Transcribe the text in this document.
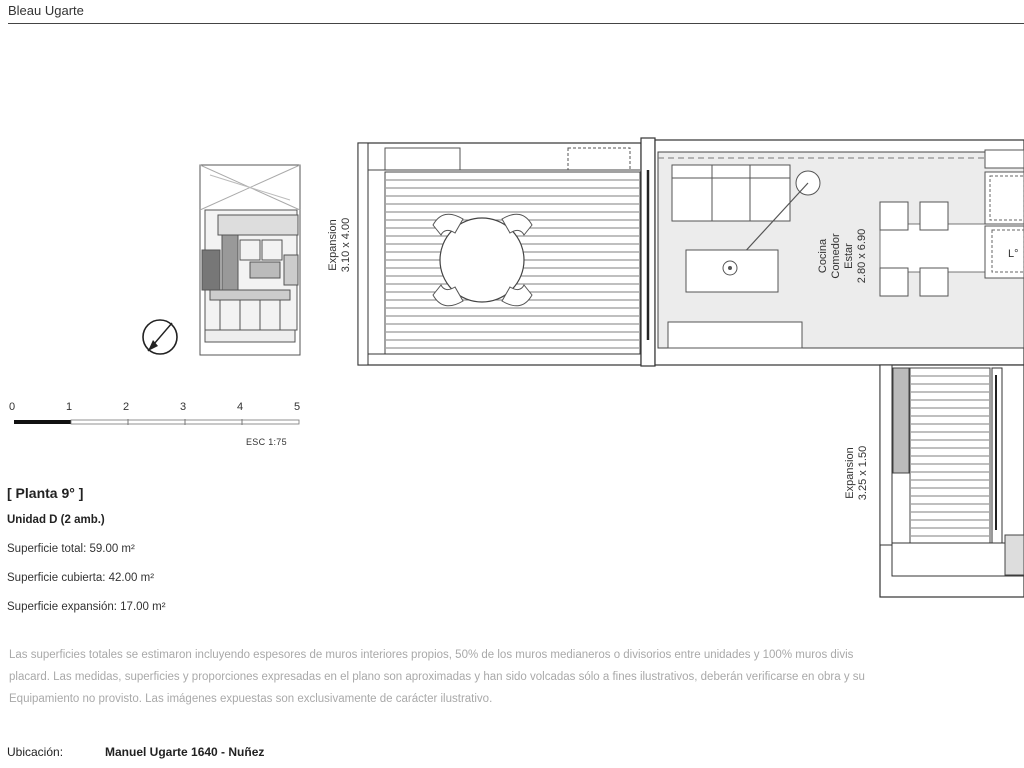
Bleau Ugarte
L°
Expansion 3.10 x 4.00	Cocina Comedor Estar 2.80 x 6.90
Expansion 3.25 x 1.50
0	1	2	3	4	5
ESC 1:75
[ Planta 9° ]
Unidad D (2 amb.)
Superficie total: 59.00 m²
Superficie cubierta: 42.00 m²
Superficie expansión: 17.00 m²
Las superficies totales se estimaron incluyendo espesores de muros interiores propios, 50% de los muros medianeros o divisorios entre unidades y 100% muros divis
placard. Las medidas, superficies y proporciones expresadas en el plano son aproximadas y han sido volcadas sólo a fines ilustrativos, deberán verificarse en obra y su
Equipamiento no provisto. Las imágenes expuestas son exclusivamente de carácter ilustrativo.
Ubicación:	Manuel Ugarte 1640 - Nuñez
